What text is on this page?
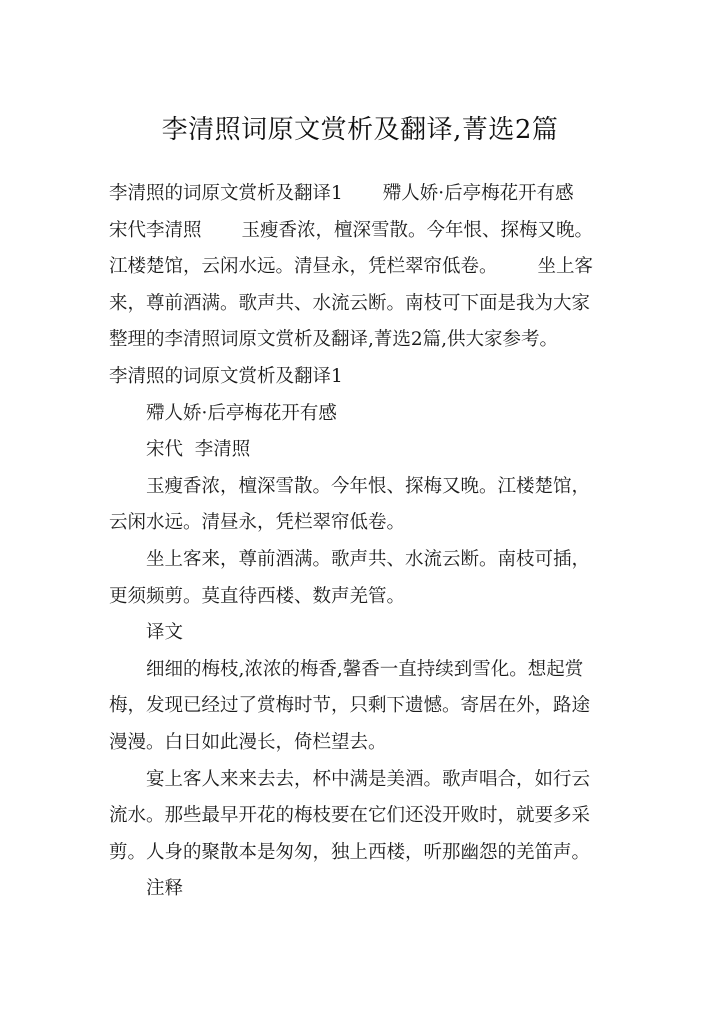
李清照词原文赏析及翻译,菁选2篇
李清照的词原文赏析及翻译1 殢人娇·后亭梅花开有感
宋代李清照 玉瘦香浓，檀深雪散。今年恨、探梅又晚。
江楼楚馆，云闲水远。清昼永，凭栏翠帘低卷。 坐上客
来，尊前酒满。歌声共、水流云断。南枝可下面是我为大家
整理的李清照词原文赏析及翻译,菁选2篇,供大家参考。
李清照的词原文赏析及翻译1
殢人娇·后亭梅花开有感
宋代  李清照
玉瘦香浓，檀深雪散。今年恨、探梅又晚。江楼楚馆，
云闲水远。清昼永，凭栏翠帘低卷。
坐上客来，尊前酒满。歌声共、水流云断。南枝可插，
更须频剪。莫直待西楼、数声羌管。
译文
细细的梅枝,浓浓的梅香,馨香一直持续到雪化。想起赏
梅，发现已经过了赏梅时节，只剩下遗憾。寄居在外，路途
漫漫。白日如此漫长，倚栏望去。
宴上客人来来去去，杯中满是美酒。歌声唱合，如行云
流水。那些最早开花的梅枝要在它们还没开败时，就要多采
剪。人身的聚散本是匆匆，独上西楼，听那幽怨的羌笛声。
注释
